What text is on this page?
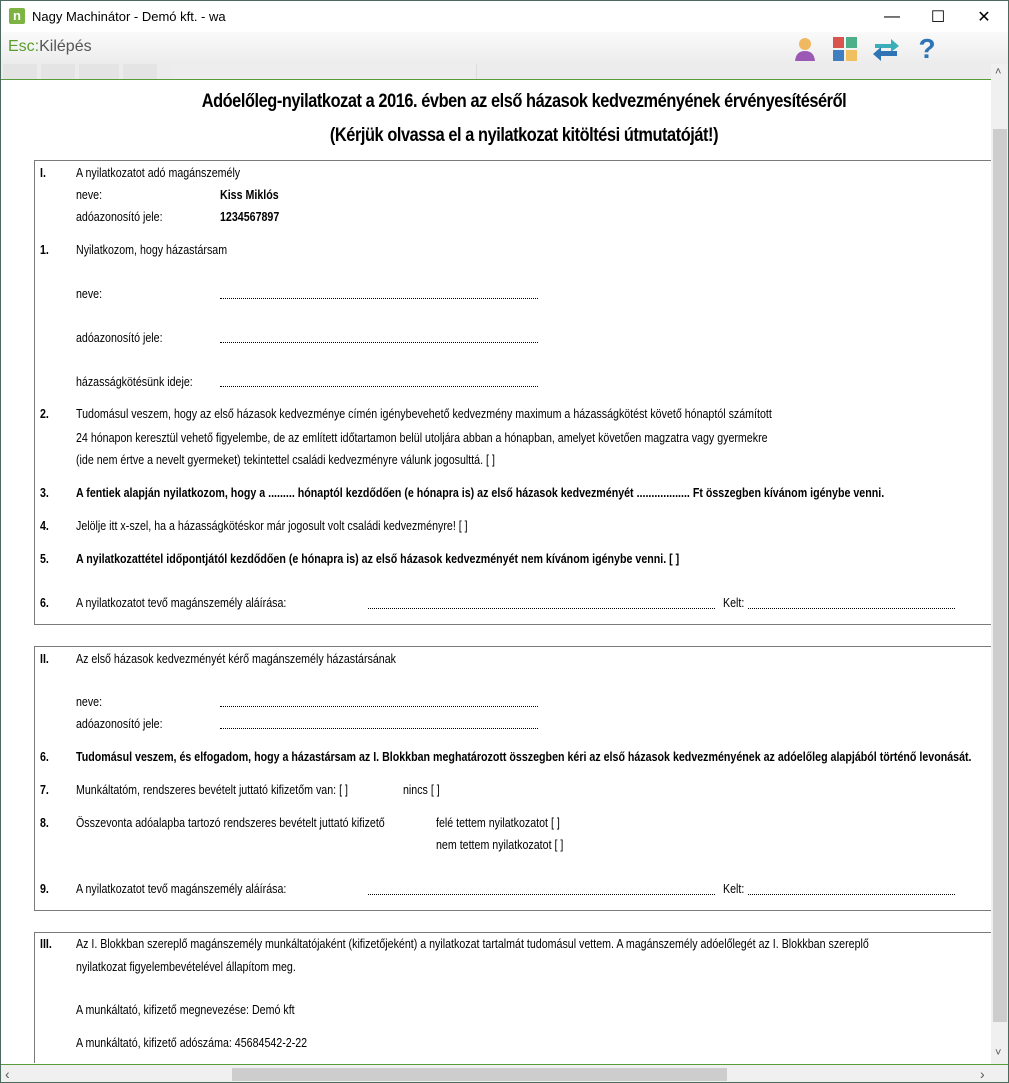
n Nagy Machinátor - Demó kft. - wa	— ☐ ✕
Esc:Kilépés	?
Adóelőleg-nyilatkozat a 2016. évben az első házasok kedvezményének érvényesítéséről
(Kérjük olvassa el a nyilatkozat kitöltési útmutatóját!)
I. A nyilatkozatot adó magánszemély
neve:	Kiss Miklós
adóazonosító jele:	1234567897
1. Nyilatkozom, hogy házastársam
neve:
adóazonosító jele:
házasságkötésünk ideje:
2. Tudomásul veszem, hogy az első házasok kedvezménye címén igénybevehető kedvezmény maximum a házasságkötést követő hónaptól számított
24 hónapon keresztül vehető figyelembe, de az említett időtartamon belül utoljára abban a hónapban, amelyet követően magzatra vagy gyermekre
(ide nem értve a nevelt gyermeket) tekintettel családi kedvezményre válunk jogosulttá. [ ]
3. A fentiek alapján nyilatkozom, hogy a ......... hónaptól kezdődően (e hónapra is) az első házasok kedvezményét .................. Ft összegben kívánom igénybe venni.
4. Jelölje itt x-szel, ha a házasságkötéskor már jogosult volt családi kedvezményre! [ ]
5. A nyilatkozattétel időpontjától kezdődően (e hónapra is) az első házasok kedvezményét nem kívánom igénybe venni. [ ]
6. A nyilatkozatot tevő magánszemély aláírása:	Kelt:
II. Az első házasok kedvezményét kérő magánszemély házastársának
neve:
adóazonosító jele:
6. Tudomásul veszem, és elfogadom, hogy a házastársam az I. Blokkban meghatározott összegben kéri az első házasok kedvezményének az adóelőleg alapjából történő levonását.
7. Munkáltatóm, rendszeres bevételt juttató kifizetőm van: [ ]	nincs [ ]
8. Összevonta adóalapba tartozó rendszeres bevételt juttató kifizető	felé tettem nyilatkozatot [ ]
nem tettem nyilatkozatot [ ]
9. A nyilatkozatot tevő magánszemély aláírása:	Kelt:
III. Az I. Blokkban szereplő magánszemély munkáltatójaként (kifizetőjeként) a nyilatkozat tartalmát tudomásul vettem. A magánszemély adóelőlegét az I. Blokkban szereplő
nyilatkozat figyelembevételével állapítom meg.
A munkáltató, kifizető megnevezése: Demó kft
A munkáltató, kifizető adószáma: 45684542-2-22
˄
˅
‹	›
